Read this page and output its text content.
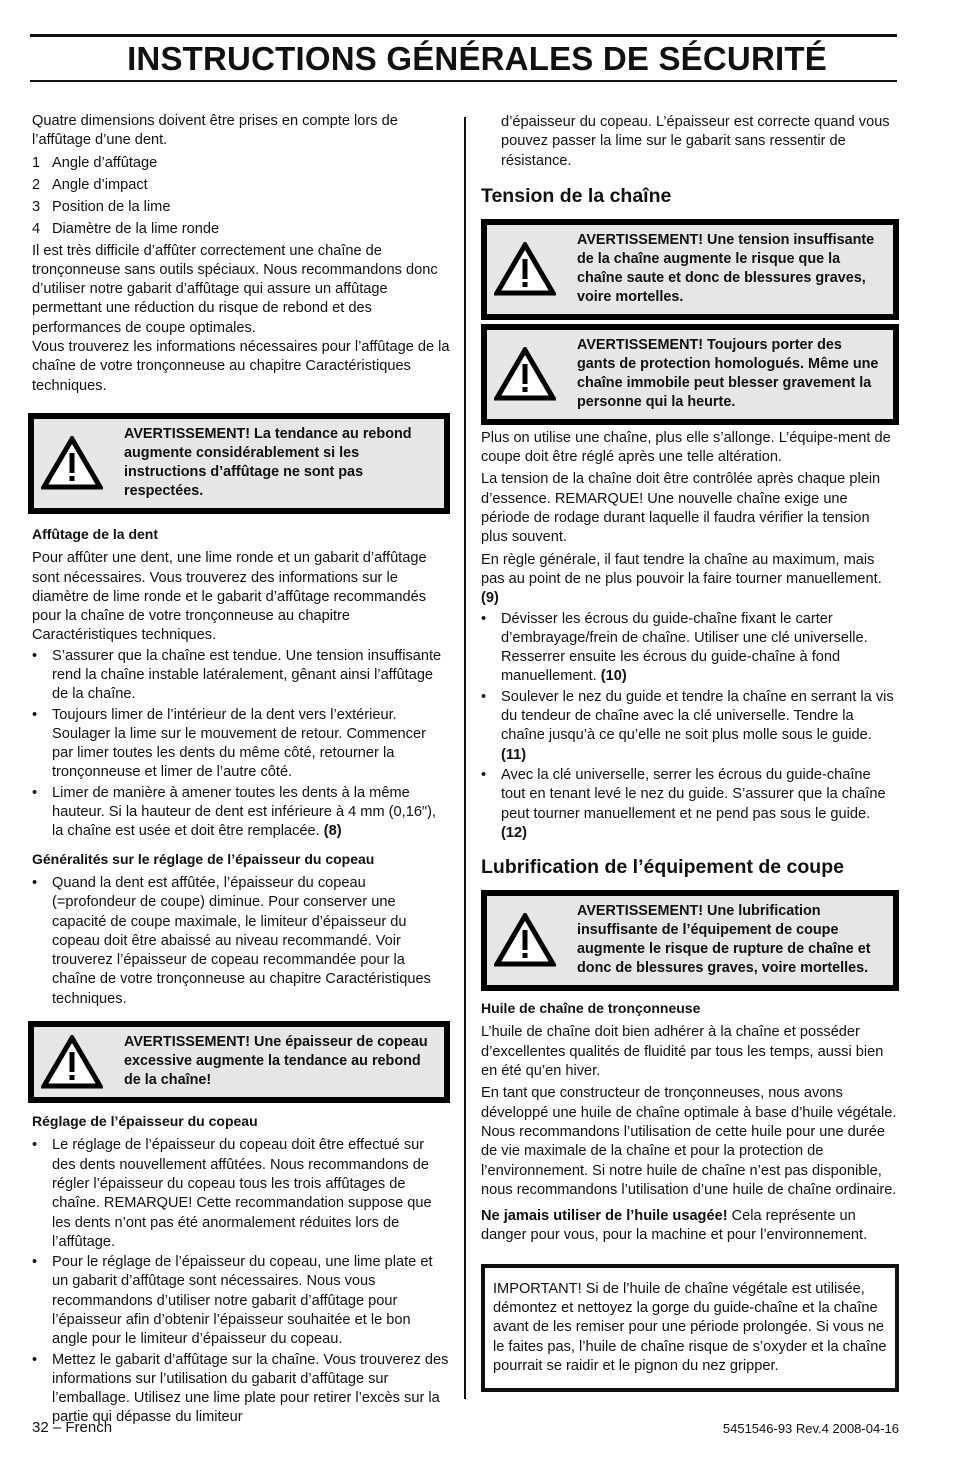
INSTRUCTIONS GÉNÉRALES DE SÉCURITÉ

Quatre dimensions doivent être prises en compte lors de l’affûtage d’une dent.

1 Angle d’affûtage
2 Angle d’impact
3 Position de la lime
4 Diamètre de la lime ronde

Il est très difficile d’affûter correctement une chaîne de tronçonneuse sans outils spéciaux. Nous recommandons donc d’utiliser notre gabarit d’affûtage qui assure un affûtage permettant une réduction du risque de rebond et des performances de coupe optimales.

Vous trouverez les informations nécessaires pour l’affûtage de la chaîne de votre tronçonneuse au chapitre Caractéristiques techniques.

AVERTISSEMENT! La tendance au rebond augmente considérablement si les instructions d’affûtage ne sont pas respectées.
Affûtage de la dent

Pour affûter une dent, une lime ronde et un gabarit d’affûtage sont nécessaires. Vous trouverez des informations sur le diamètre de lime ronde et le gabarit d’affûtage recommandés pour la chaîne de votre tronçonneuse au chapitre Caractéristiques techniques.

•	S’assurer que la chaîne est tendue. Une tension insuffisante rend la chaîne instable latéralement, gênant ainsi l’affûtage de la chaîne.
•	Toujours limer de l’intérieur de la dent vers l’extérieur. Soulager la lime sur le mouvement de retour. Commencer par limer toutes les dents du même côté, retourner la tronçonneuse et limer de l’autre côté.
•	Limer de manière à amener toutes les dents à la même hauteur. Si la hauteur de dent est inférieure à 4 mm (0,16"), la chaîne est usée et doit être remplacée. (8)
Généralités sur le réglage de l’épaisseur du copeau
•	Quand la dent est affûtée, l’épaisseur du copeau (=profondeur de coupe) diminue. Pour conserver une capacité de coupe maximale, le limiteur d’épaisseur du copeau doit être abaissé au niveau recommandé. Voir trouverez l’épaisseur de copeau recommandée pour la chaîne de votre tronçonneuse au chapitre Caractéristiques techniques.
AVERTISSEMENT! Une épaisseur de copeau excessive augmente la tendance au rebond de la chaîne!
Réglage de l’épaisseur du copeau
•	Le réglage de l’épaisseur du copeau doit être effectué sur des dents nouvellement affûtées. Nous recommandons de régler l’épaisseur du copeau tous les trois affûtages de chaîne. REMARQUE! Cette recommandation suppose que les dents n’ont pas été anormalement réduites lors de l’affûtage.
•	Pour le réglage de l’épaisseur du copeau, une lime plate et un gabarit d’affûtage sont nécessaires. Nous vous recommandons d’utiliser notre gabarit d’affûtage pour l’épaisseur afin d’obtenir l’épaisseur souhaitée et le bon angle pour le limiteur d’épaisseur du copeau.
•	Mettez le gabarit d’affûtage sur la chaîne. Vous trouverez des informations sur l’utilisation du gabarit d’affûtage sur l’emballage. Utilisez une lime plate pour retirer l’excès sur la partie qui dépasse du limiteur

d’épaisseur du copeau. L’épaisseur est correcte quand vous pouvez passer la lime sur le gabarit sans ressentir de résistance.

Tension de la chaîne
AVERTISSEMENT! Une tension insuffisante de la chaîne augmente le risque que la chaîne saute et donc de blessures graves, voire mortelles.
AVERTISSEMENT! Toujours porter des gants de protection homologués. Même une chaîne immobile peut blesser gravement la personne qui la heurte.

Plus on utilise une chaîne, plus elle s’allonge. L’équipe-ment de coupe doit être réglé après une telle altération.

La tension de la chaîne doit être contrôlée après chaque plein d’essence. REMARQUE! Une nouvelle chaîne exige une période de rodage durant laquelle il faudra vérifier la tension plus souvent.

En règle générale, il faut tendre la chaîne au maximum, mais pas au point de ne plus pouvoir la faire tourner manuellement. (9)

•	Dévisser les écrous du guide-chaîne fixant le carter d’embrayage/frein de chaîne. Utiliser une clé universelle. Resserrer ensuite les écrous du guide-chaîne à fond manuellement. (10)
•	Soulever le nez du guide et tendre la chaîne en serrant la vis du tendeur de chaîne avec la clé universelle. Tendre la chaîne jusqu’à ce qu’elle ne soit plus molle sous le guide. (11)
•	Avec la clé universelle, serrer les écrous du guide-chaîne tout en tenant levé le nez du guide. S’assurer que la chaîne peut tourner manuellement et ne pend pas sous le guide. (12)
Lubrification de l’équipement de coupe
AVERTISSEMENT! Une lubrification insuffisante de l’équipement de coupe augmente le risque de rupture de chaîne et donc de blessures graves, voire mortelles.
Huile de chaîne de tronçonneuse

L’huile de chaîne doit bien adhérer à la chaîne et posséder d’excellentes qualités de fluidité par tous les temps, aussi bien en été qu’en hiver.

En tant que constructeur de tronçonneuses, nous avons développé une huile de chaîne optimale à base d’huile végétale. Nous recommandons l’utilisation de cette huile pour une durée de vie maximale de la chaîne et pour la protection de l’environnement. Si notre huile de chaîne n’est pas disponible, nous recommandons l’utilisation d’une huile de chaîne ordinaire.

Ne jamais utiliser de l’huile usagée! Cela représente un danger pour vous, pour la machine et pour l’environnement.

IMPORTANT! Si de l’huile de chaîne végétale est utilisée, démontez et nettoyez la gorge du guide-chaîne et la chaîne avant de les remiser pour une période prolongée. Si vous ne le faites pas, l’huile de chaîne risque de s’oxyder et la chaîne pourrait se raidir et le pignon du nez gripper.
32 – French	5451546-93 Rev.4 2008-04-16
